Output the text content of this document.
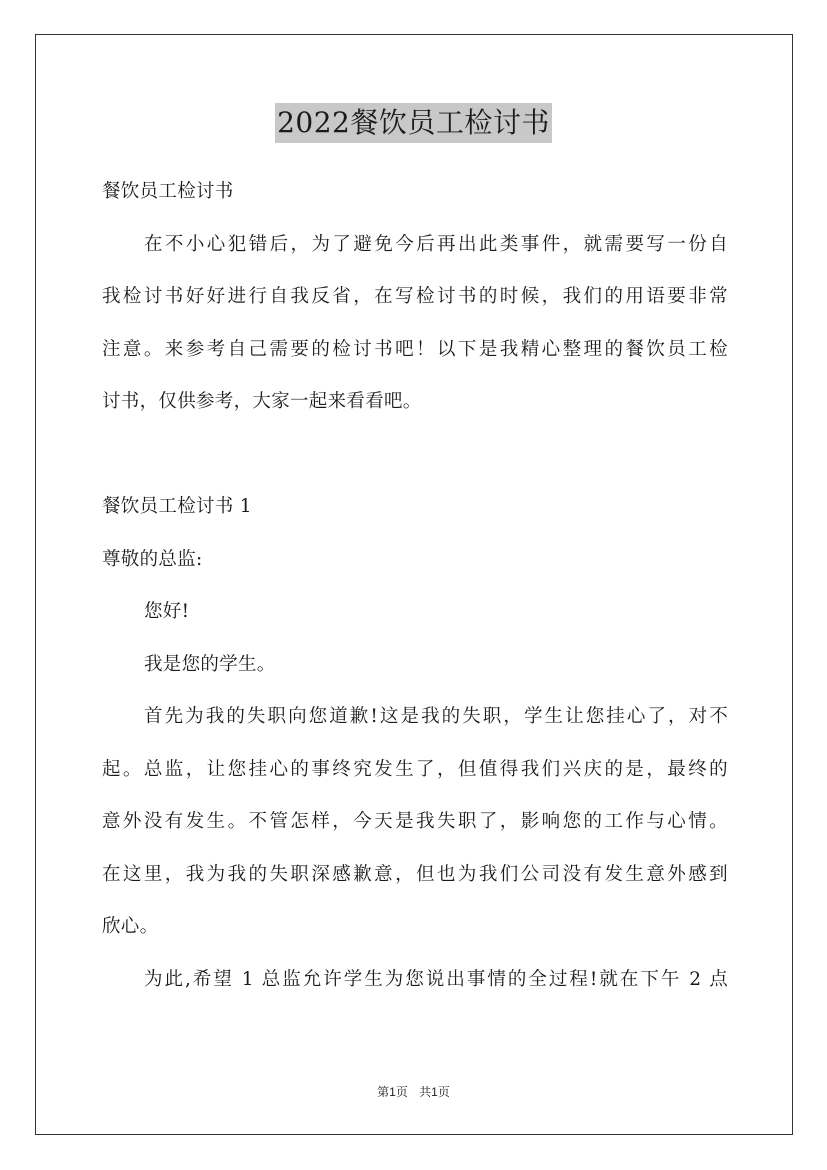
2022餐饮员工检讨书
餐饮员工检讨书
在不小心犯错后，为了避免今后再出此类事件，就需要写一份自
我检讨书好好进行自我反省，在写检讨书的时候，我们的用语要非常
注意。来参考自己需要的检讨书吧！以下是我精心整理的餐饮员工检
讨书，仅供参考，大家一起来看看吧。
餐饮员工检讨书 1
尊敬的总监:
您好!
我是您的学生。
首先为我的失职向您道歉!这是我的失职，学生让您挂心了，对不
起。总监，让您挂心的事终究发生了，但值得我们兴庆的是，最终的
意外没有发生。不管怎样，今天是我失职了，影响您的工作与心情。
在这里，我为我的失职深感歉意，但也为我们公司没有发生意外感到
欣心。
为此,希望 1 总监允许学生为您说出事情的全过程!就在下午 2 点
第1页 共1页
